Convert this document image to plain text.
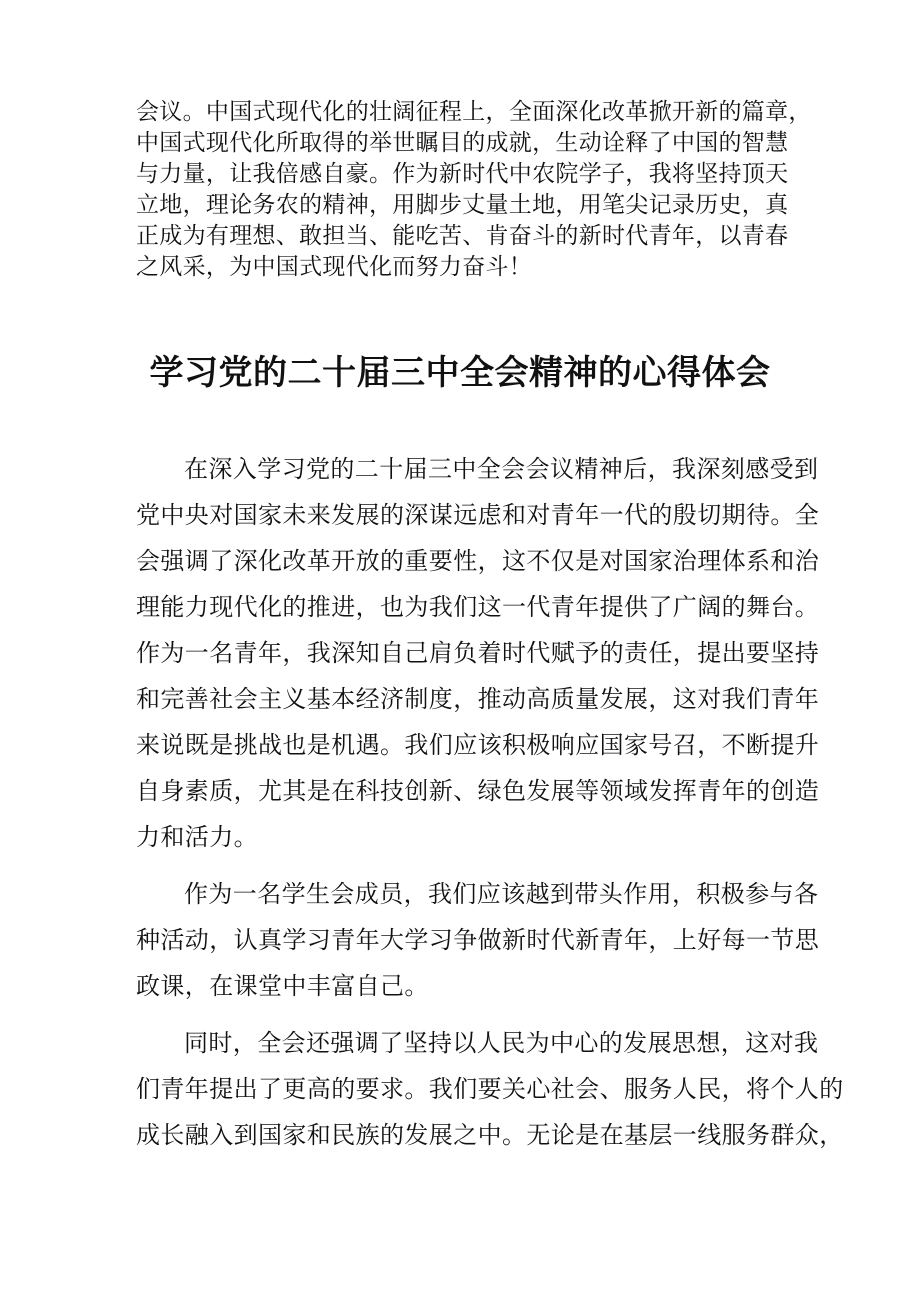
会议。中国式现代化的壮阔征程上，全面深化改革掀开新的篇章，

中国式现代化所取得的举世瞩目的成就，生动诠释了中国的智慧

与力量，让我倍感自豪。作为新时代中农院学子，我将坚持顶天

立地，理论务农的精神，用脚步丈量土地，用笔尖记录历史，真

正成为有理想、敢担当、能吃苦、肯奋斗的新时代青年，以青春

之风采，为中国式现代化而努力奋斗！

学习党的二十届三中全会精神的心得体会

在深入学习党的二十届三中全会会议精神后，我深刻感受到

党中央对国家未来发展的深谋远虑和对青年一代的殷切期待。全

会强调了深化改革开放的重要性，这不仅是对国家治理体系和治

理能力现代化的推进，也为我们这一代青年提供了广阔的舞台。

作为一名青年，我深知自己肩负着时代赋予的责任，提出要坚持

和完善社会主义基本经济制度，推动高质量发展，这对我们青年

来说既是挑战也是机遇。我们应该积极响应国家号召，不断提升

自身素质，尤其是在科技创新、绿色发展等领域发挥青年的创造

力和活力。

作为一名学生会成员，我们应该越到带头作用，积极参与各

种活动，认真学习青年大学习争做新时代新青年，上好每一节思

政课，在课堂中丰富自己。

同时，全会还强调了坚持以人民为中心的发展思想，这对我

们青年提出了更高的要求。我们要关心社会、服务人民，将个人的

成长融入到国家和民族的发展之中。无论是在基层一线服务群众，
